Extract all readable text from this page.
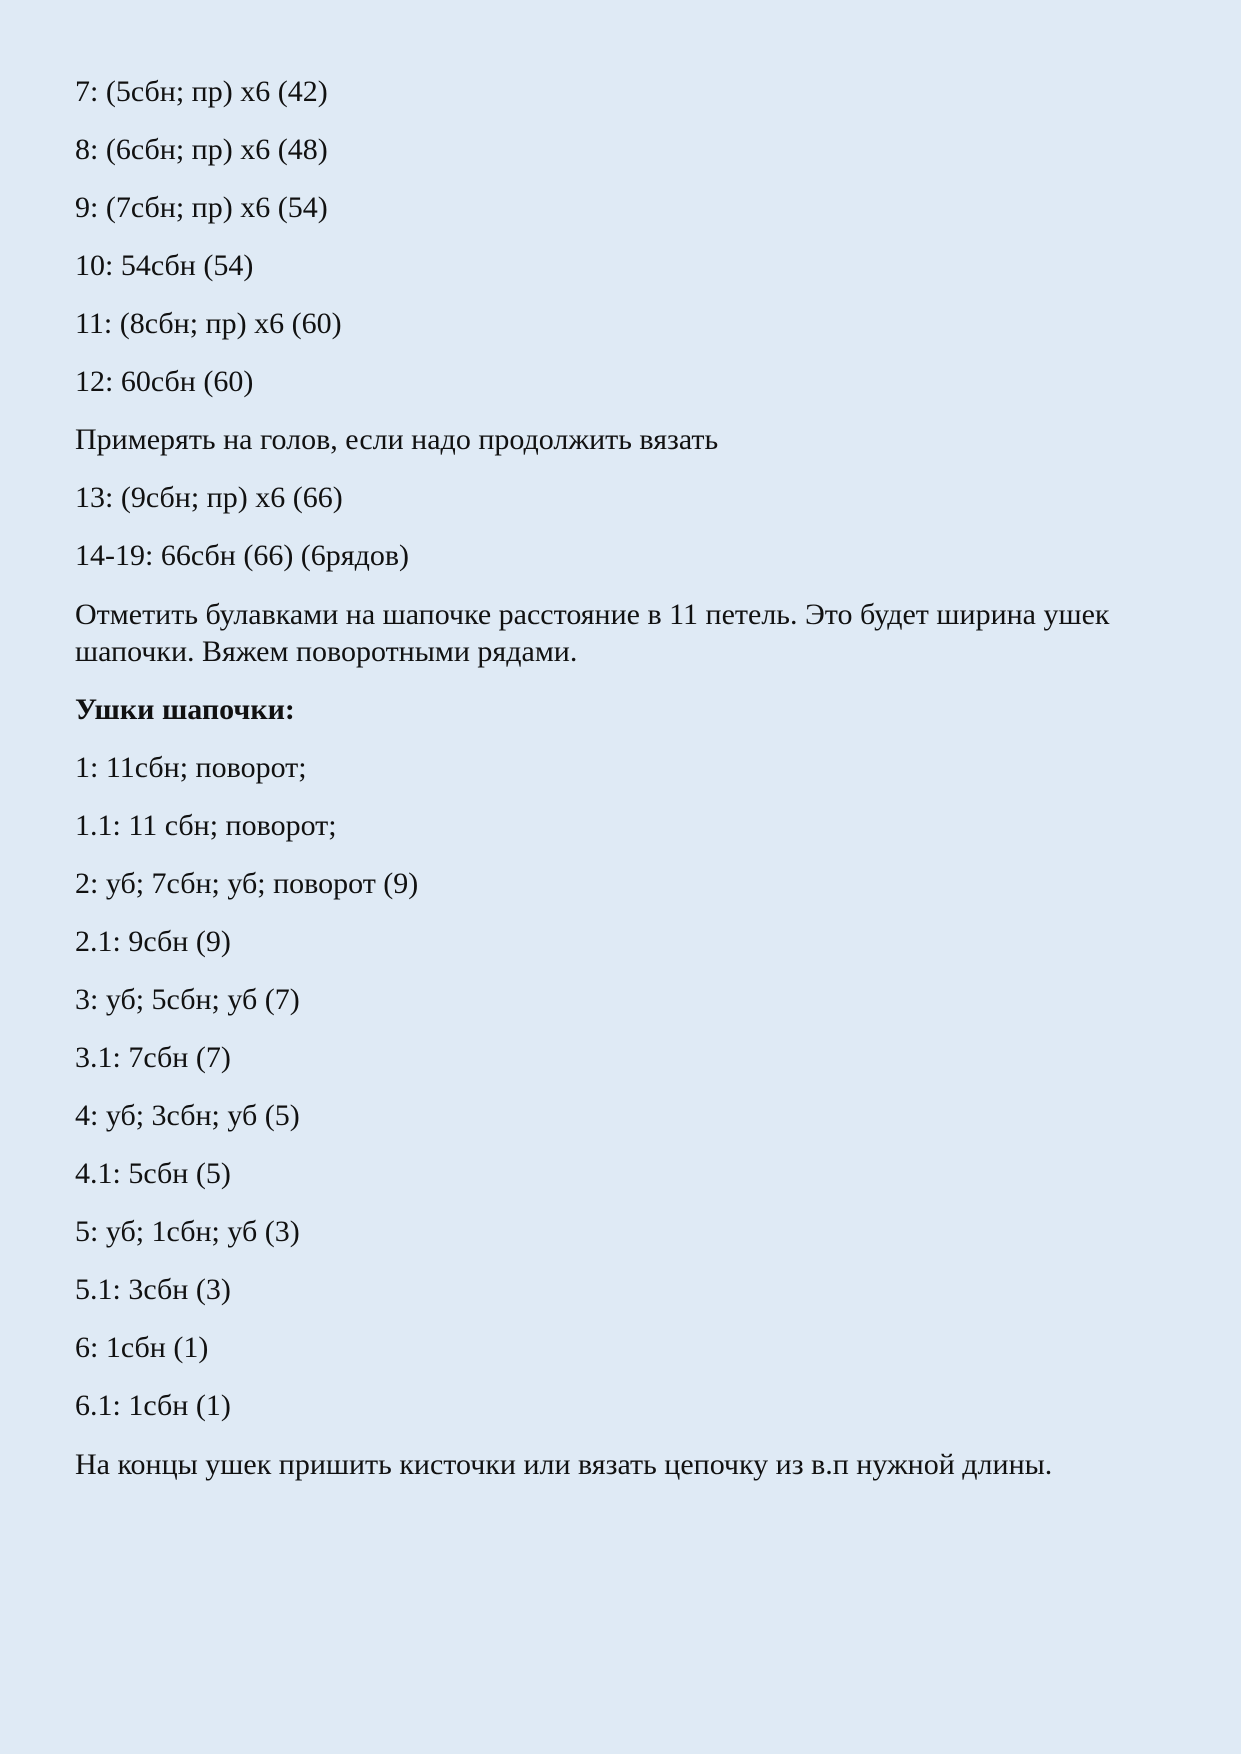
7: (5сбн; пр) х6 (42)
8: (6сбн; пр) х6 (48)
9: (7сбн; пр) х6 (54)
10: 54сбн (54)
11: (8сбн; пр) х6 (60)
12: 60сбн (60)
Примерять на голов, если надо продолжить вязать
13: (9сбн; пр) х6 (66)
14-19: 66сбн (66) (6рядов)
Отметить булавками на шапочке расстояние в 11 петель. Это будет ширина ушек шапочки. Вяжем поворотными рядами.
Ушки шапочки:
1: 11сбн; поворот;
1.1: 11 сбн; поворот;
2: уб; 7сбн; уб; поворот (9)
2.1: 9сбн (9)
3: уб; 5сбн; уб (7)
3.1: 7сбн (7)
4: уб; 3сбн; уб (5)
4.1: 5сбн (5)
5: уб; 1сбн; уб (3)
5.1: 3сбн (3)
6: 1сбн (1)
6.1: 1сбн (1)
На концы ушек пришить кисточки или вязать цепочку из в.п нужной длины.
